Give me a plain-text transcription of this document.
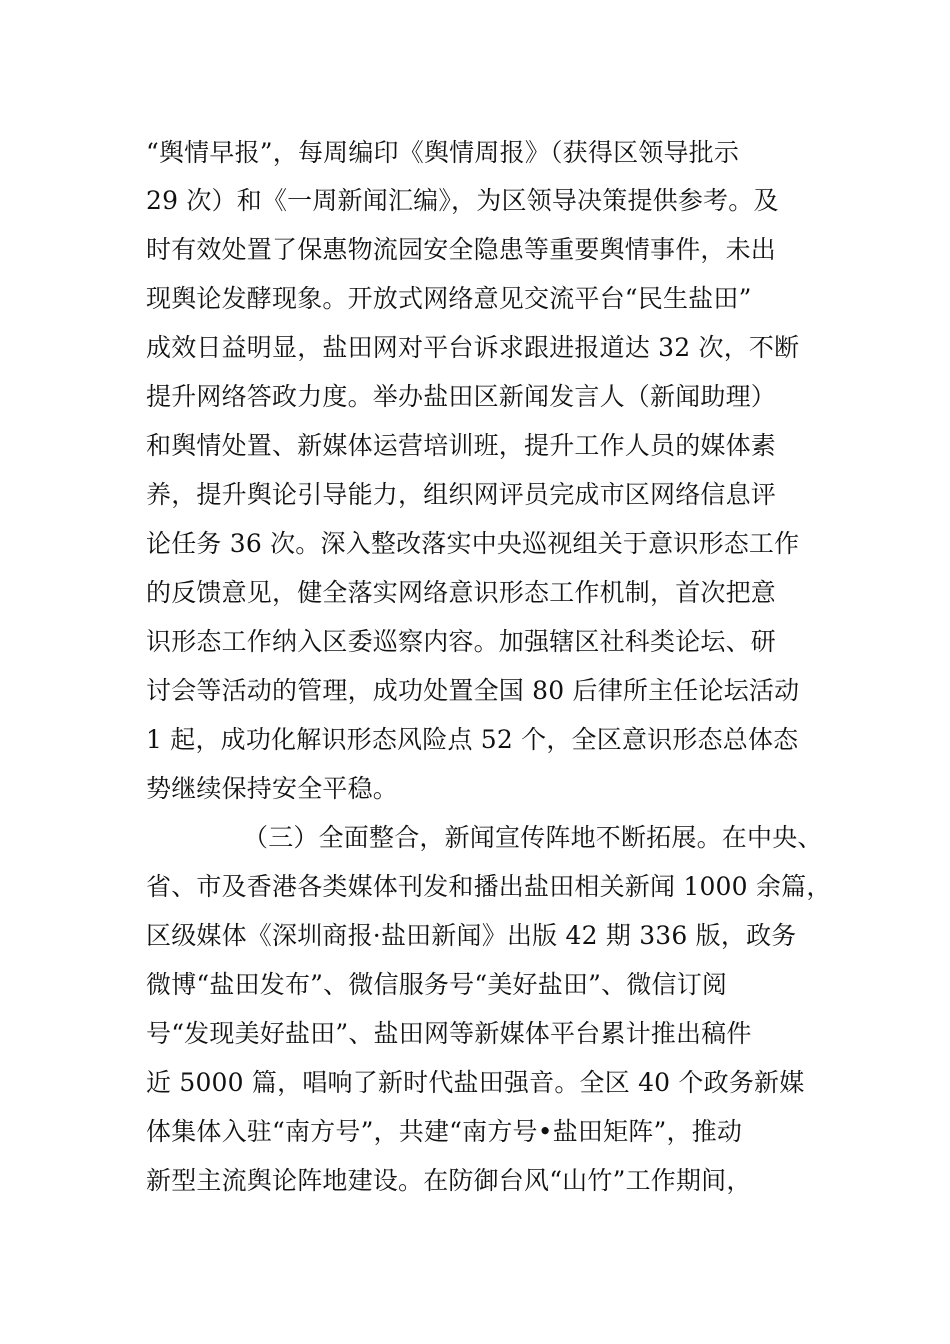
“舆情早报”，每周编印《舆情周报》（获得区领导批示
29 次）和《一周新闻汇编》，为区领导决策提供参考。及
时有效处置了保惠物流园安全隐患等重要舆情事件，未出
现舆论发酵现象。开放式网络意见交流平台“民生盐田”
成效日益明显，盐田网对平台诉求跟进报道达 32 次，不断
提升网络答政力度。举办盐田区新闻发言人（新闻助理）
和舆情处置、新媒体运营培训班，提升工作人员的媒体素
养，提升舆论引导能力，组织网评员完成市区网络信息评
论任务 36 次。深入整改落实中央巡视组关于意识形态工作
的反馈意见，健全落实网络意识形态工作机制，首次把意
识形态工作纳入区委巡察内容。加强辖区社科类论坛、研
讨会等活动的管理，成功处置全国 80 后律所主任论坛活动
1 起，成功化解识形态风险点 52 个，全区意识形态总体态
势继续保持安全平稳。
（三）全面整合，新闻宣传阵地不断拓展。在中央、
省、市及香港各类媒体刊发和播出盐田相关新闻 1000 余篇，
区级媒体《深圳商报·盐田新闻》出版 42 期 336 版，政务
微博“盐田发布”、微信服务号“美好盐田”、微信订阅
号“发现美好盐田”、盐田网等新媒体平台累计推出稿件
近 5000 篇，唱响了新时代盐田强音。全区 40 个政务新媒
体集体入驻“南方号”，共建“南方号•盐田矩阵”，推动
新型主流舆论阵地建设。在防御台风“山竹”工作期间，
